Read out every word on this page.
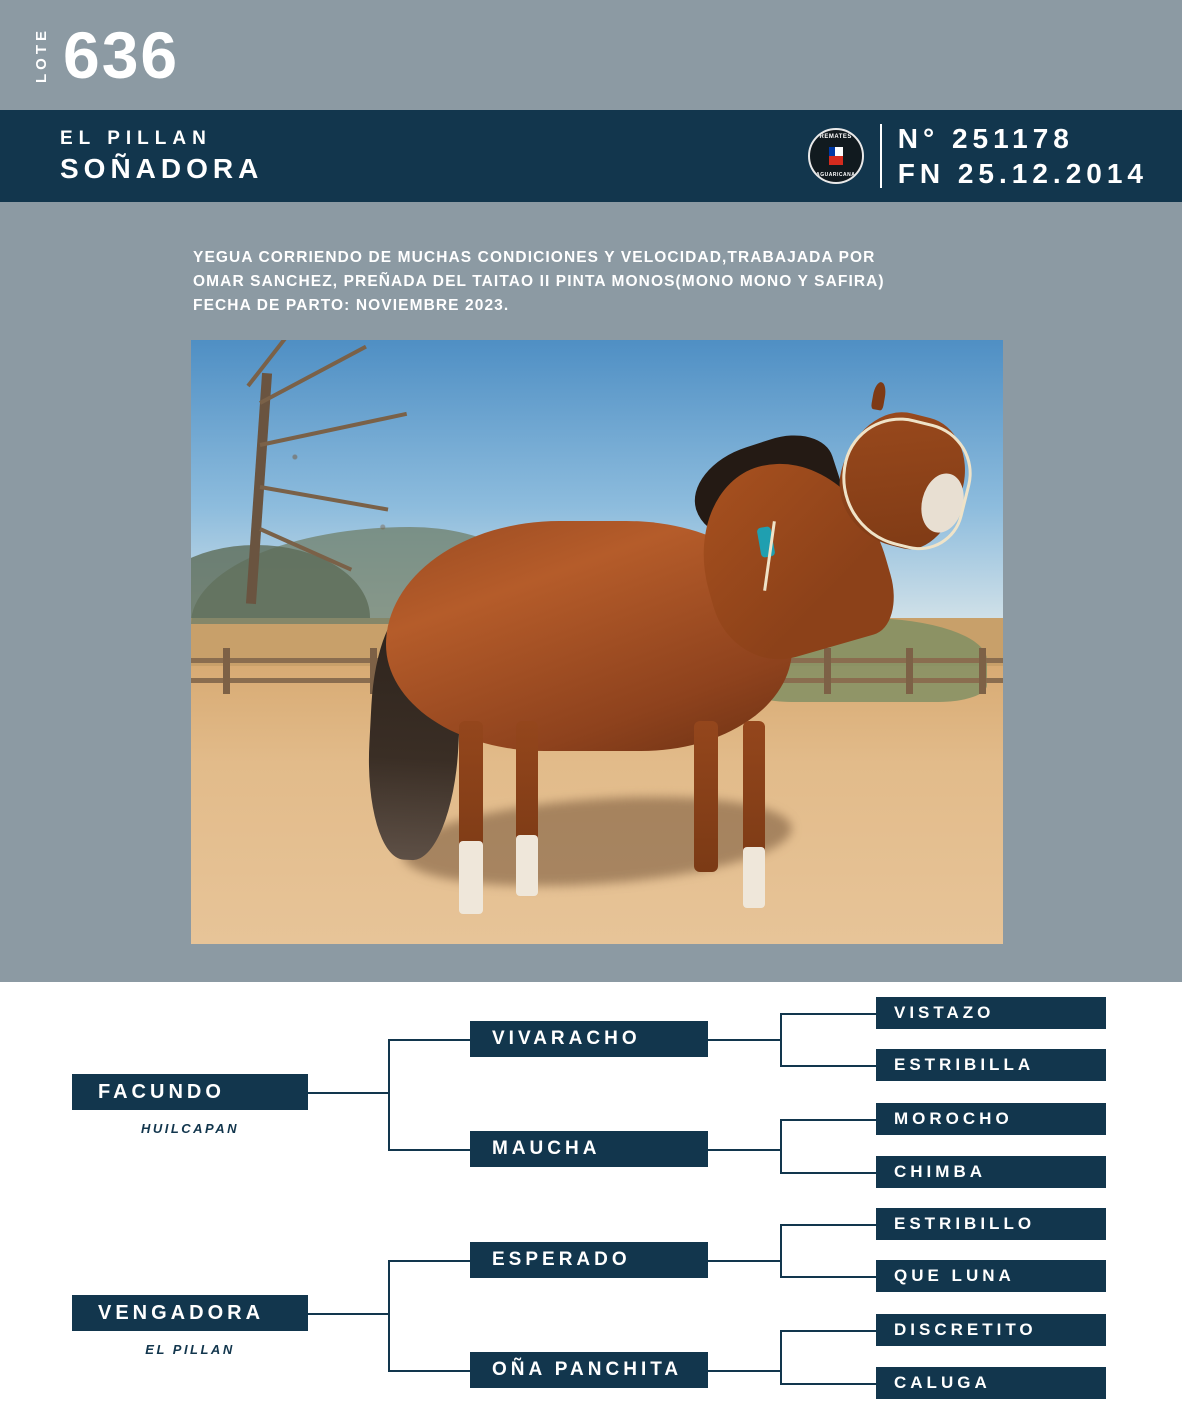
LOTE 636
EL PILLAN
SOÑADORA
REMATES
AGUARICANA
N° 251178
FN 25.12.2014
YEGUA CORRIENDO DE MUCHAS CONDICIONES Y VELOCIDAD,TRABAJADA POR
OMAR SANCHEZ, PREÑADA DEL TAITAO II PINTA MONOS(MONO MONO Y SAFIRA)
FECHA DE PARTO: NOVIEMBRE 2023.
FACUNDO
HUILCAPAN
VIVARACHO
MAUCHA
VISTAZO
ESTRIBILLA
MOROCHO
CHIMBA
VENGADORA
EL PILLAN
ESPERADO
OÑA PANCHITA
ESTRIBILLO
QUE LUNA
DISCRETITO
CALUGA
